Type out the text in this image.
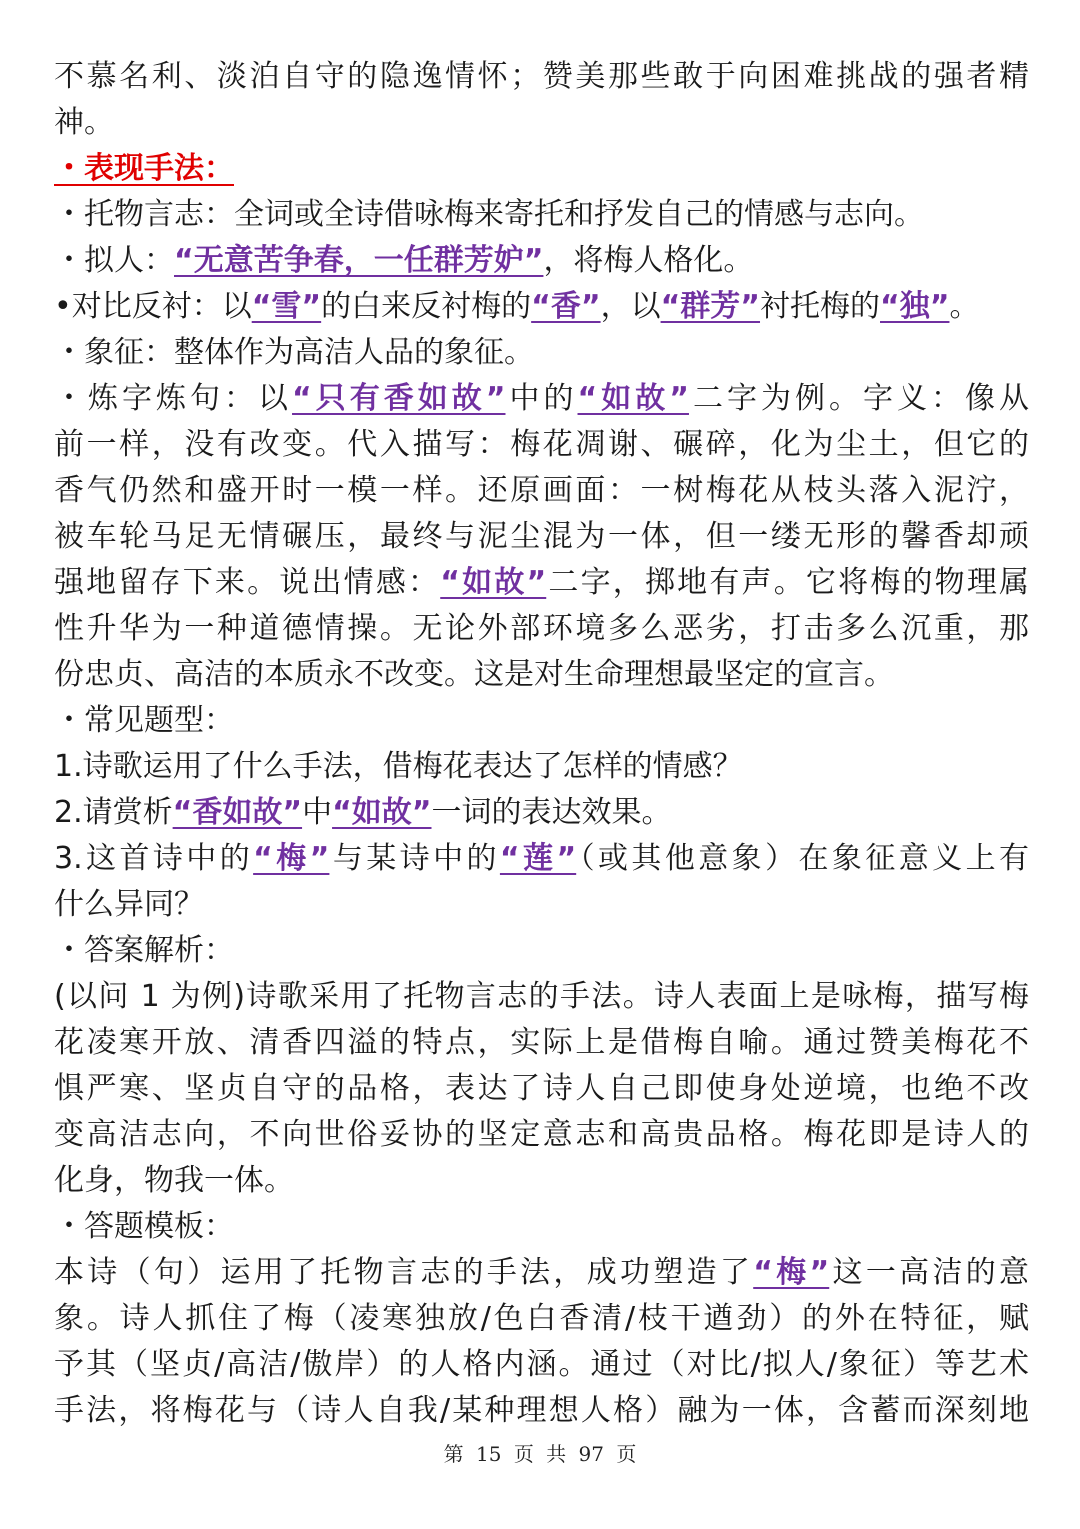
不慕名利、淡泊自守的隐逸情怀；赞美那些敢于向困难挑战的强者精
神。
・表现手法：
・托物言志：全词或全诗借咏梅来寄托和抒发自己的情感与志向。
・拟人：“无意苦争春，一任群芳妒”，将梅人格化。
•对比反衬：以“雪”的白来反衬梅的“香”，以“群芳”衬托梅的“独”。
・象征：整体作为高洁人品的象征。
・炼字炼句：以“只有香如故”中的“如故”二字为例。字义：像从
前一样，没有改变。代入描写：梅花凋谢、碾碎，化为尘土，但它的
香气仍然和盛开时一模一样。还原画面：一树梅花从枝头落入泥泞，
被车轮马足无情碾压，最终与泥尘混为一体，但一缕无形的馨香却顽
强地留存下来。说出情感：“如故”二字，掷地有声。它将梅的物理属
性升华为一种道德情操。无论外部环境多么恶劣，打击多么沉重，那
份忠贞、高洁的本质永不改变。这是对生命理想最坚定的宣言。
・常见题型：
1.诗歌运用了什么手法，借梅花表达了怎样的情感？
2.请赏析“香如故”中“如故”一词的表达效果。
3.这首诗中的“梅”与某诗中的“莲”（或其他意象）在象征意义上有
什么异同？
・答案解析：
(以问 1 为例)诗歌采用了托物言志的手法。诗人表面上是咏梅，描写梅
花凌寒开放、清香四溢的特点，实际上是借梅自喻。通过赞美梅花不
惧严寒、坚贞自守的品格，表达了诗人自己即使身处逆境，也绝不改
变高洁志向，不向世俗妥协的坚定意志和高贵品格。梅花即是诗人的
化身，物我一体。
・答题模板：
本诗（句）运用了托物言志的手法，成功塑造了“梅”这一高洁的意
象。诗人抓住了梅（凌寒独放/色白香清/枝干遒劲）的外在特征，赋
予其（坚贞/高洁/傲岸）的人格内涵。通过（对比/拟人/象征）等艺术
手法，将梅花与（诗人自我/某种理想人格）融为一体，含蓄而深刻地
第 15 页 共 97 页
